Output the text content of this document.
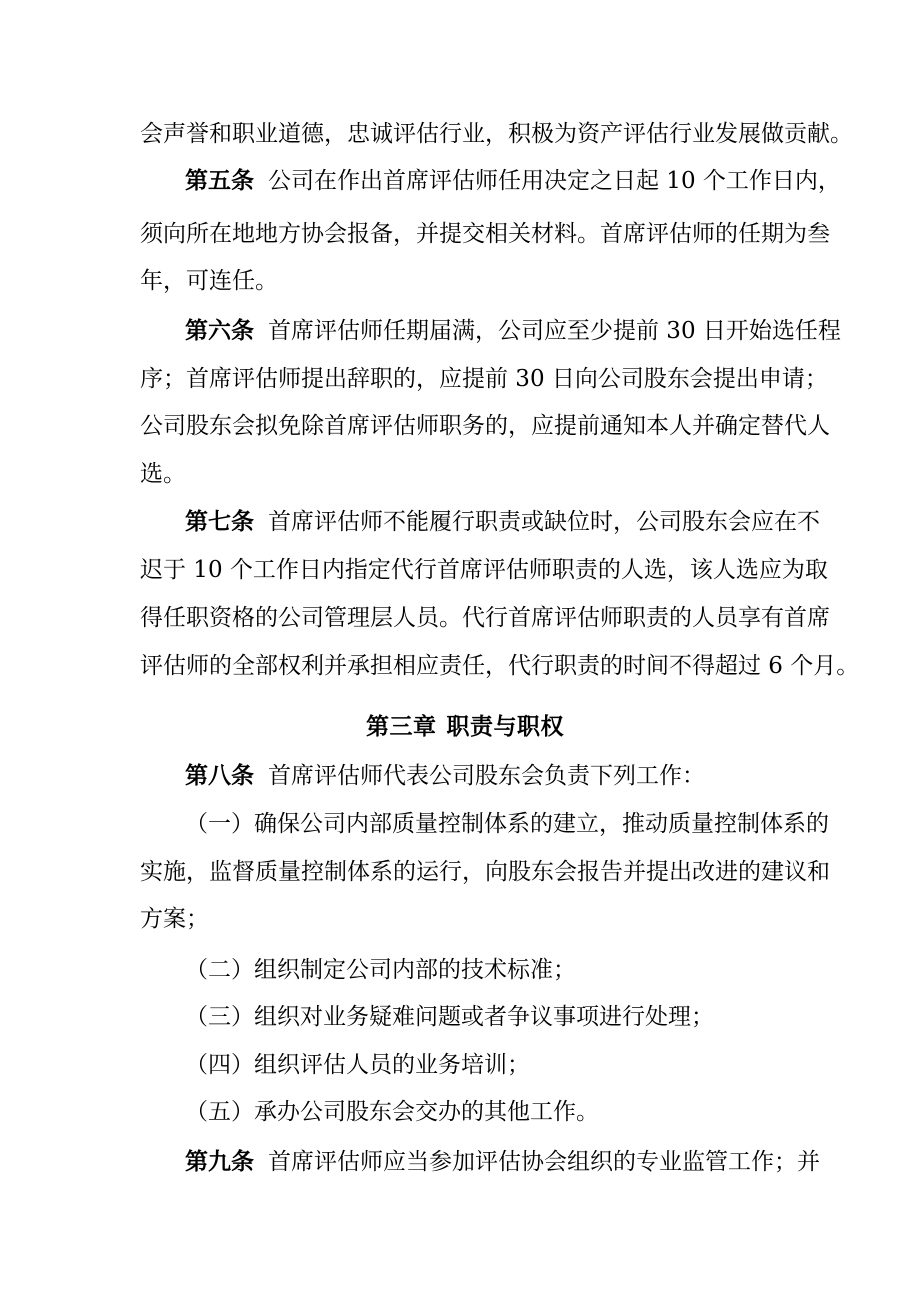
会声誉和职业道德，忠诚评估行业，积极为资产评估行业发展做贡献。
第五条 公司在作出首席评估师任用决定之日起 10 个工作日内，
须向所在地地方协会报备，并提交相关材料。首席评估师的任期为叁
年，可连任。
第六条 首席评估师任期届满，公司应至少提前 30 日开始选任程
序；首席评估师提出辞职的，应提前 30 日向公司股东会提出申请；
公司股东会拟免除首席评估师职务的，应提前通知本人并确定替代人
选。
第七条 首席评估师不能履行职责或缺位时，公司股东会应在不
迟于 10 个工作日内指定代行首席评估师职责的人选，该人选应为取
得任职资格的公司管理层人员。代行首席评估师职责的人员享有首席
评估师的全部权利并承担相应责任，代行职责的时间不得超过 6 个月。
第三章 职责与职权
第八条 首席评估师代表公司股东会负责下列工作：
（一）确保公司内部质量控制体系的建立，推动质量控制体系的
实施，监督质量控制体系的运行，向股东会报告并提出改进的建议和
方案；
（二）组织制定公司内部的技术标准；
（三）组织对业务疑难问题或者争议事项进行处理；
（四）组织评估人员的业务培训；
（五）承办公司股东会交办的其他工作。
第九条 首席评估师应当参加评估协会组织的专业监管工作；并
